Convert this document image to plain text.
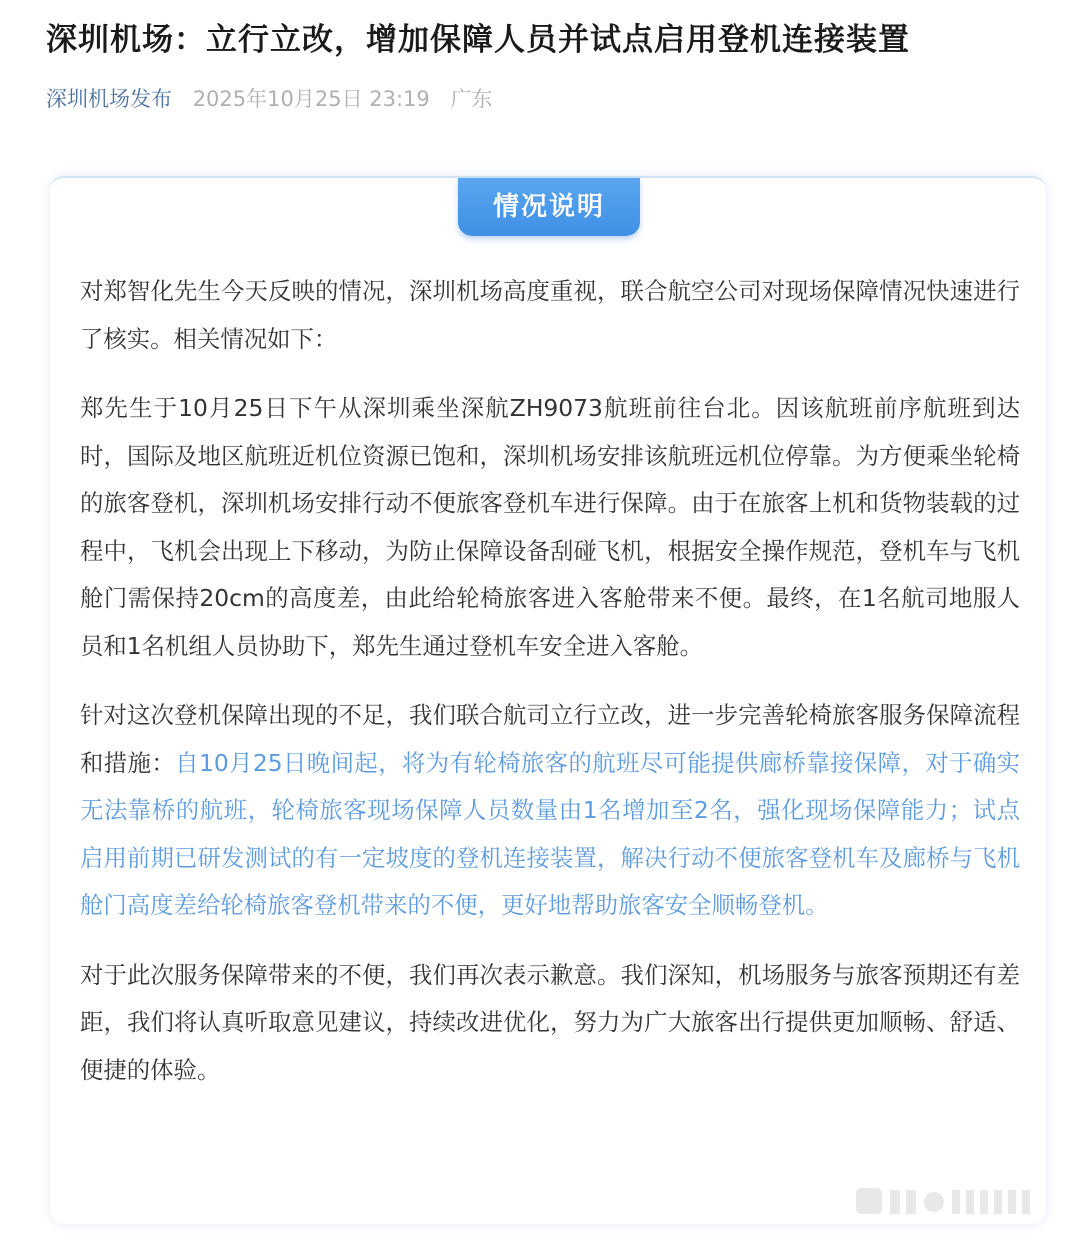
深圳机场：立行立改，增加保障人员并试点启用登机连接装置
深圳机场发布 2025年10月25日 23:19 广东
情况说明

对郑智化先生今天反映的情况，深圳机场高度重视，联合航空公司对现场保障情况快速进行了核实。相关情况如下：

郑先生于10月25日下午从深圳乘坐深航ZH9073航班前往台北。因该航班前序航班到达时，国际及地区航班近机位资源已饱和，深圳机场安排该航班远机位停靠。为方便乘坐轮椅的旅客登机，深圳机场安排行动不便旅客登机车进行保障。由于在旅客上机和货物装载的过程中，飞机会出现上下移动，为防止保障设备刮碰飞机，根据安全操作规范，登机车与飞机舱门需保持20cm的高度差，由此给轮椅旅客进入客舱带来不便。最终，在1名航司地服人员和1名机组人员协助下，郑先生通过登机车安全进入客舱。

针对这次登机保障出现的不足，我们联合航司立行立改，进一步完善轮椅旅客服务保障流程和措施：自10月25日晚间起，将为有轮椅旅客的航班尽可能提供廊桥靠接保障，对于确实无法靠桥的航班，轮椅旅客现场保障人员数量由1名增加至2名，强化现场保障能力；试点启用前期已研发测试的有一定坡度的登机连接装置，解决行动不便旅客登机车及廊桥与飞机舱门高度差给轮椅旅客登机带来的不便，更好地帮助旅客安全顺畅登机。

对于此次服务保障带来的不便，我们再次表示歉意。我们深知，机场服务与旅客预期还有差距，我们将认真听取意见建议，持续改进优化，努力为广大旅客出行提供更加顺畅、舒适、便捷的体验。
